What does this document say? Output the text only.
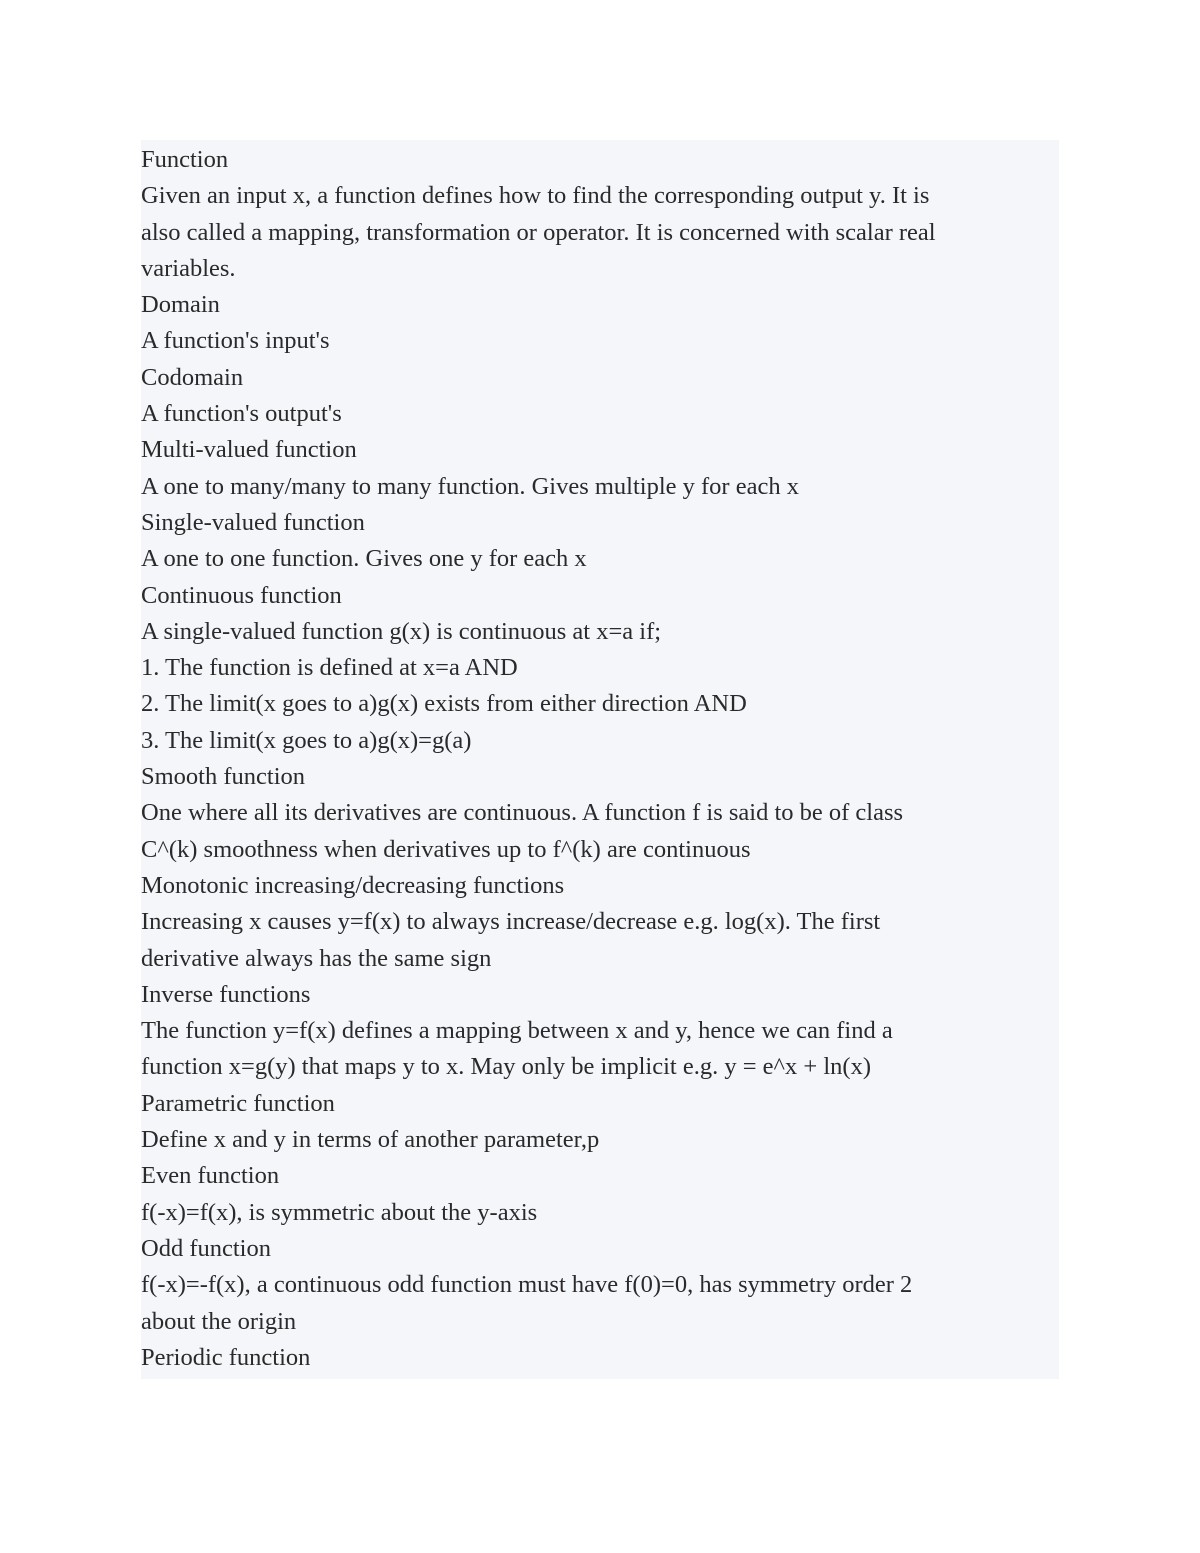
Function

Given an input x, a function defines how to find the corresponding output y. It is

also called a mapping, transformation or operator. It is concerned with scalar real

variables.

Domain

A function's input's

Codomain

A function's output's

Multi-valued function

A one to many/many to many function. Gives multiple y for each x

Single-valued function

A one to one function. Gives one y for each x

Continuous function

A single-valued function g(x) is continuous at x=a if;

1. The function is defined at x=a AND

2. The limit(x goes to a)g(x) exists from either direction AND

3. The limit(x goes to a)g(x)=g(a)

Smooth function

One where all its derivatives are continuous. A function f is said to be of class

C^(k) smoothness when derivatives up to f^(k) are continuous

Monotonic increasing/decreasing functions

Increasing x causes y=f(x) to always increase/decrease e.g. log(x). The first

derivative always has the same sign

Inverse functions

The function y=f(x) defines a mapping between x and y, hence we can find a

function x=g(y) that maps y to x. May only be implicit e.g. y = e^x + ln(x)

Parametric function

Define x and y in terms of another parameter,p

Even function

f(-x)=f(x), is symmetric about the y-axis

Odd function

f(-x)=-f(x), a continuous odd function must have f(0)=0, has symmetry order 2

about the origin

Periodic function
